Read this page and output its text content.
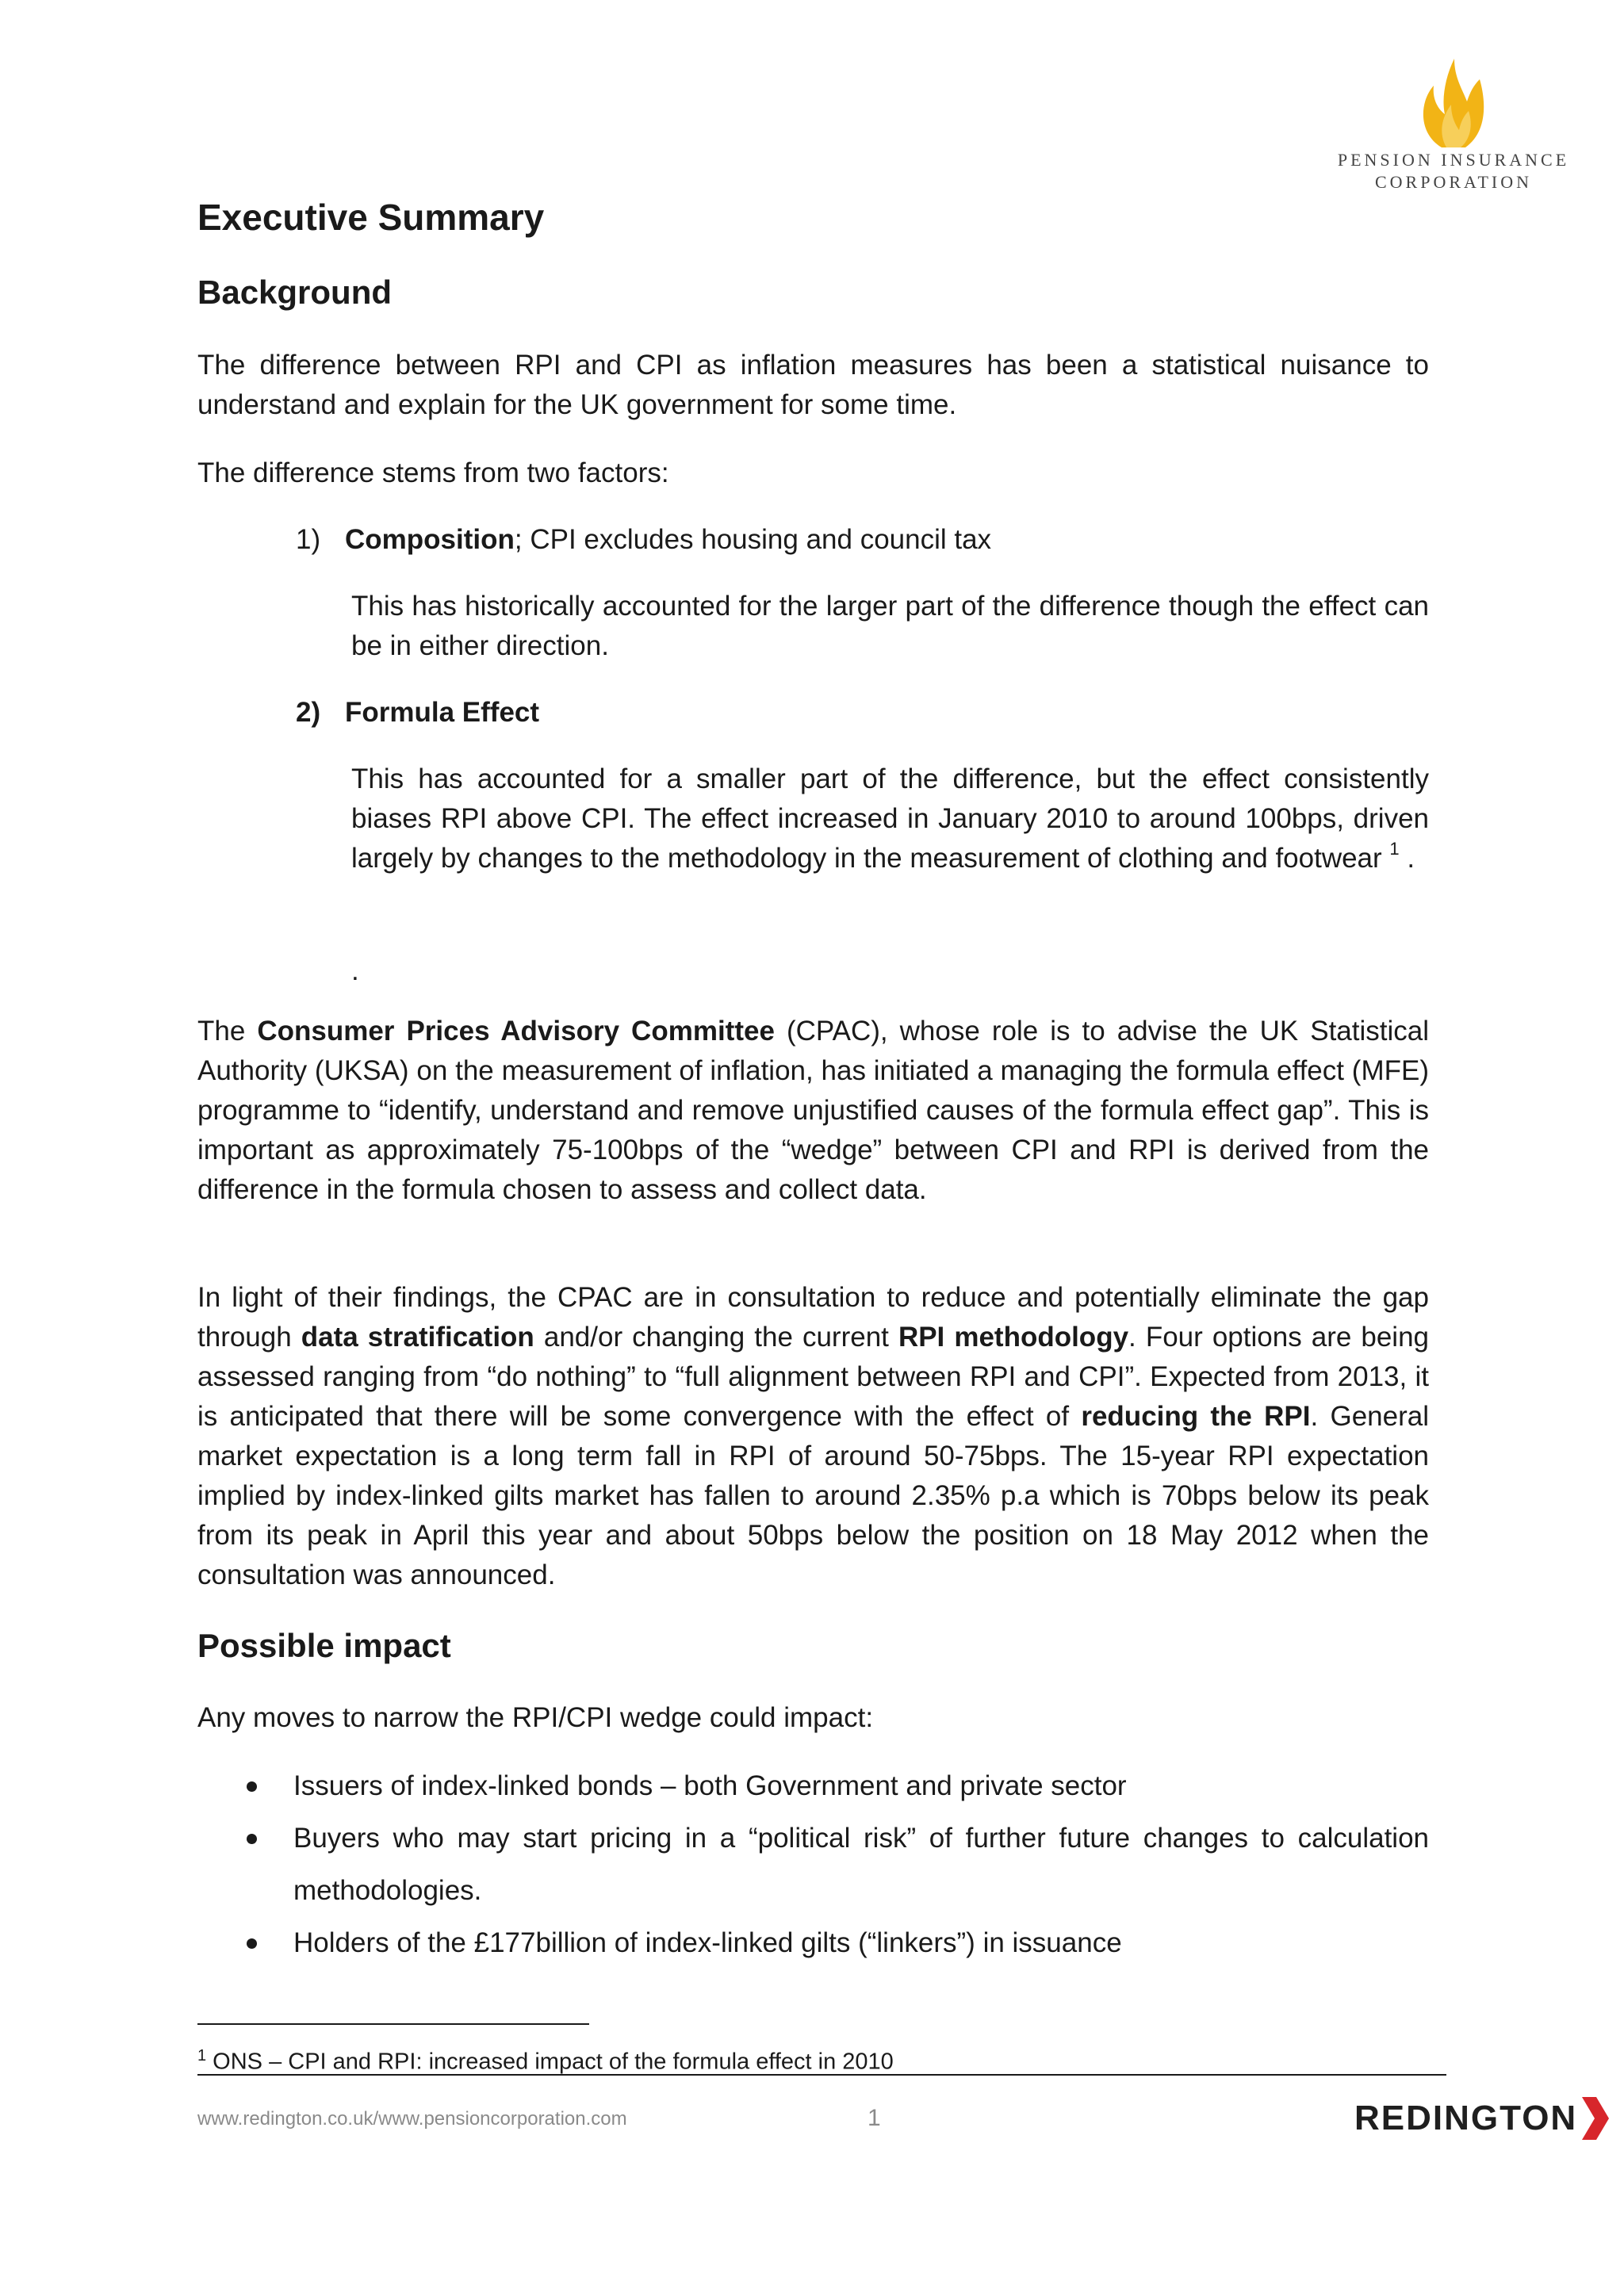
PENSION INSURANCE
CORPORATION
Executive Summary
Background

The difference between RPI and CPI as inflation measures has been a statistical nuisance to understand and explain for the UK government for some time.

The difference stems from two factors:

1) Composition; CPI excludes housing and council tax
This has historically accounted for the larger part of the difference though the effect can be in either direction.
2) Formula Effect
This has accounted for a smaller part of the difference, but the effect consistently biases RPI above CPI. The effect increased in January 2010 to around 100bps, driven largely by changes to the methodology in the measurement of clothing and footwear $^1$ .
.

The Consumer Prices Advisory Committee (CPAC), whose role is to advise the UK Statistical Authority (UKSA) on the measurement of inflation, has initiated a managing the formula effect (MFE) programme to “identify, understand and remove unjustified causes of the formula effect gap”. This is important as approximately 75-100bps of the “wedge” between CPI and RPI is derived from the difference in the formula chosen to assess and collect data.

In light of their findings, the CPAC are in consultation to reduce and potentially eliminate the gap through data stratification and/or changing the current RPI methodology. Four options are being assessed ranging from “do nothing” to “full alignment between RPI and CPI”. Expected from 2013, it is anticipated that there will be some convergence with the effect of reducing the RPI. General market expectation is a long term fall in RPI of around 50-75bps. The 15-year RPI expectation implied by index-linked gilts market has fallen to around 2.35% p.a which is 70bps below its peak from its peak in April this year and about 50bps below the position on 18 May 2012 when the consultation was announced.

Possible impact

Any moves to narrow the RPI/CPI wedge could impact:

Issuers of index-linked bonds – both Government and private sector
Buyers who may start pricing in a “political risk” of further future changes to calculation methodologies.
Holders of the £177billion of index-linked gilts (“linkers”) in issuance
$^1$ ONS – CPI and RPI: increased impact of the formula effect in 2010
www.redington.co.uk/www.pensioncorporation.com	1	REDINGTON
